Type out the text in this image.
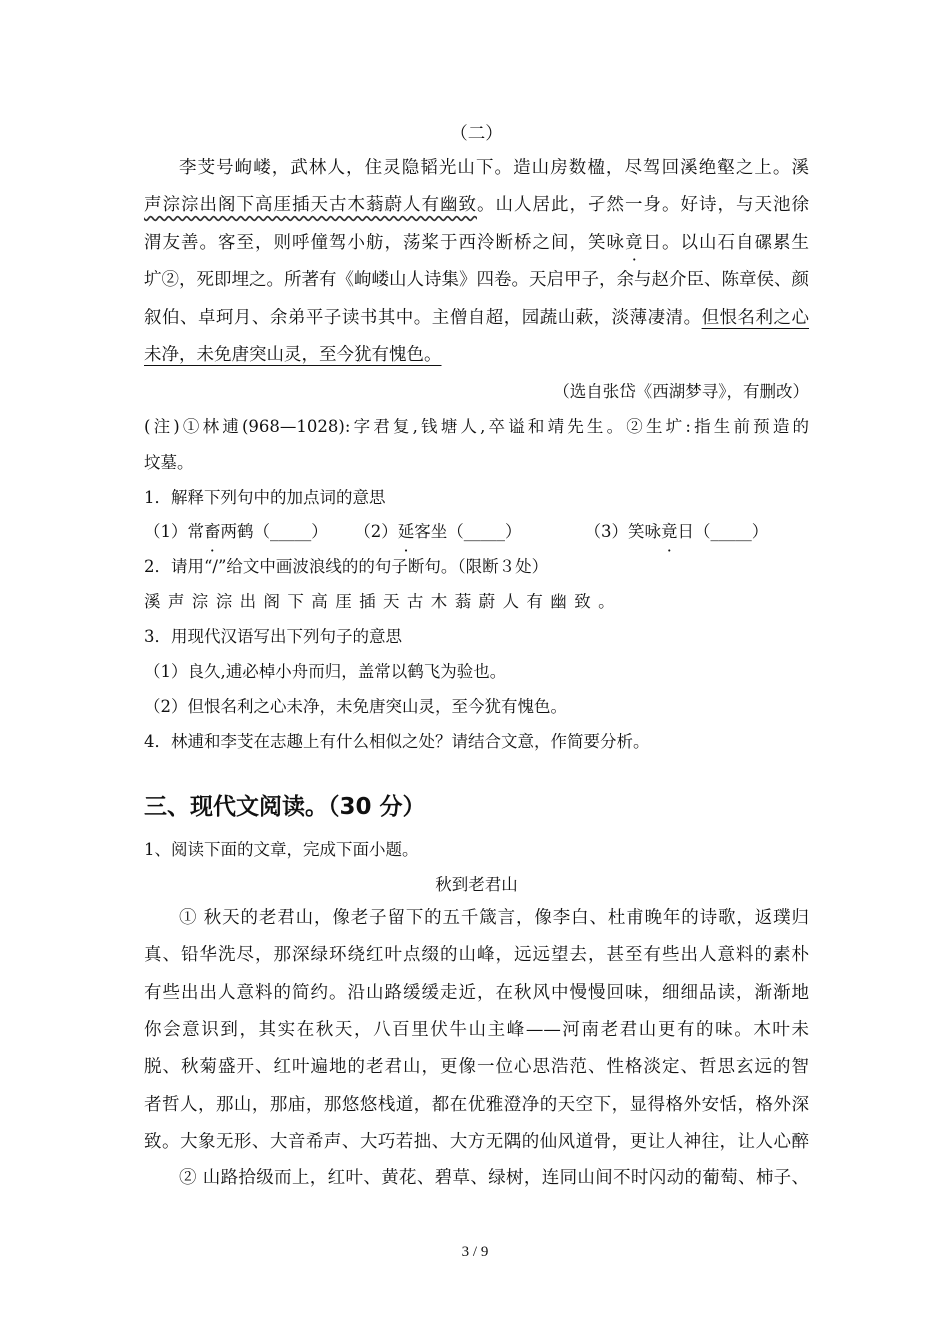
（二）
李芠号岣嵝，武林人，住灵隐韬光山下。造山房数楹，尽驾回溪绝壑之上。溪
声淙淙出阁下高厓插天古木蓊蔚人有幽致。山人居此，孑然一身。好诗，与天池徐
渭友善。客至，则呼僮驾小舫，荡桨于西泠断桥之间，笑咏竟日。以山石自磥累生
圹②，死即埋之。所著有《岣嵝山人诗集》四卷。天启甲子，余与赵介臣、陈章侯、颜
叙伯、卓珂月、余弟平子读书其中。主僧自超，园蔬山蔌，淡薄凄清。但恨名利之心
未净，未免唐突山灵，至今犹有愧色。
（选自张岱《西湖梦寻》，有删改）
(注)①林逋(968—1028):字君复,钱塘人,卒谥和靖先生。②生圹:指生前预造的
坟墓。
1．解释下列句中的加点词的意思
（1）常畜两鹤（_____） （2）延客坐（_____）	（3）笑咏竟日（_____）
2．请用“/”给文中画波浪线的的句子断句。（限断３处）
溪声淙淙出阁下高厓插天古木蓊蔚人有幽致。
3．用现代汉语写出下列句子的意思
（1）良久,逋必棹小舟而归，盖常以鹤飞为验也。
（2）但恨名利之心未净，未免唐突山灵，至今犹有愧色。
4．林逋和李芠在志趣上有什么相似之处？请结合文意，作简要分析。
三、现代文阅读。（30 分）
1、阅读下面的文章，完成下面小题。
秋到老君山
① 秋天的老君山，像老子留下的五千箴言，像李白、杜甫晚年的诗歌，返璞归
真、铅华洗尽，那深绿环绕红叶点缀的山峰，远远望去，甚至有些出人意料的素朴
有些出出人意料的简约。沿山路缓缓走近，在秋风中慢慢回味，细细品读，渐渐地
你会意识到，其实在秋天，八百里伏牛山主峰——河南老君山更有的味。木叶未
脱、秋菊盛开、红叶遍地的老君山，更像一位心思浩范、性格淡定、哲思玄远的智
者哲人，那山，那庙，那悠悠栈道，都在优雅澄净的天空下，显得格外安恬，格外深
致。大象无形、大音希声、大巧若拙、大方无隅的仙风道骨，更让人神往，让人心醉
② 山路拾级而上，红叶、黄花、碧草、绿树，连同山间不时闪动的葡萄、柿子、
3 / 9
